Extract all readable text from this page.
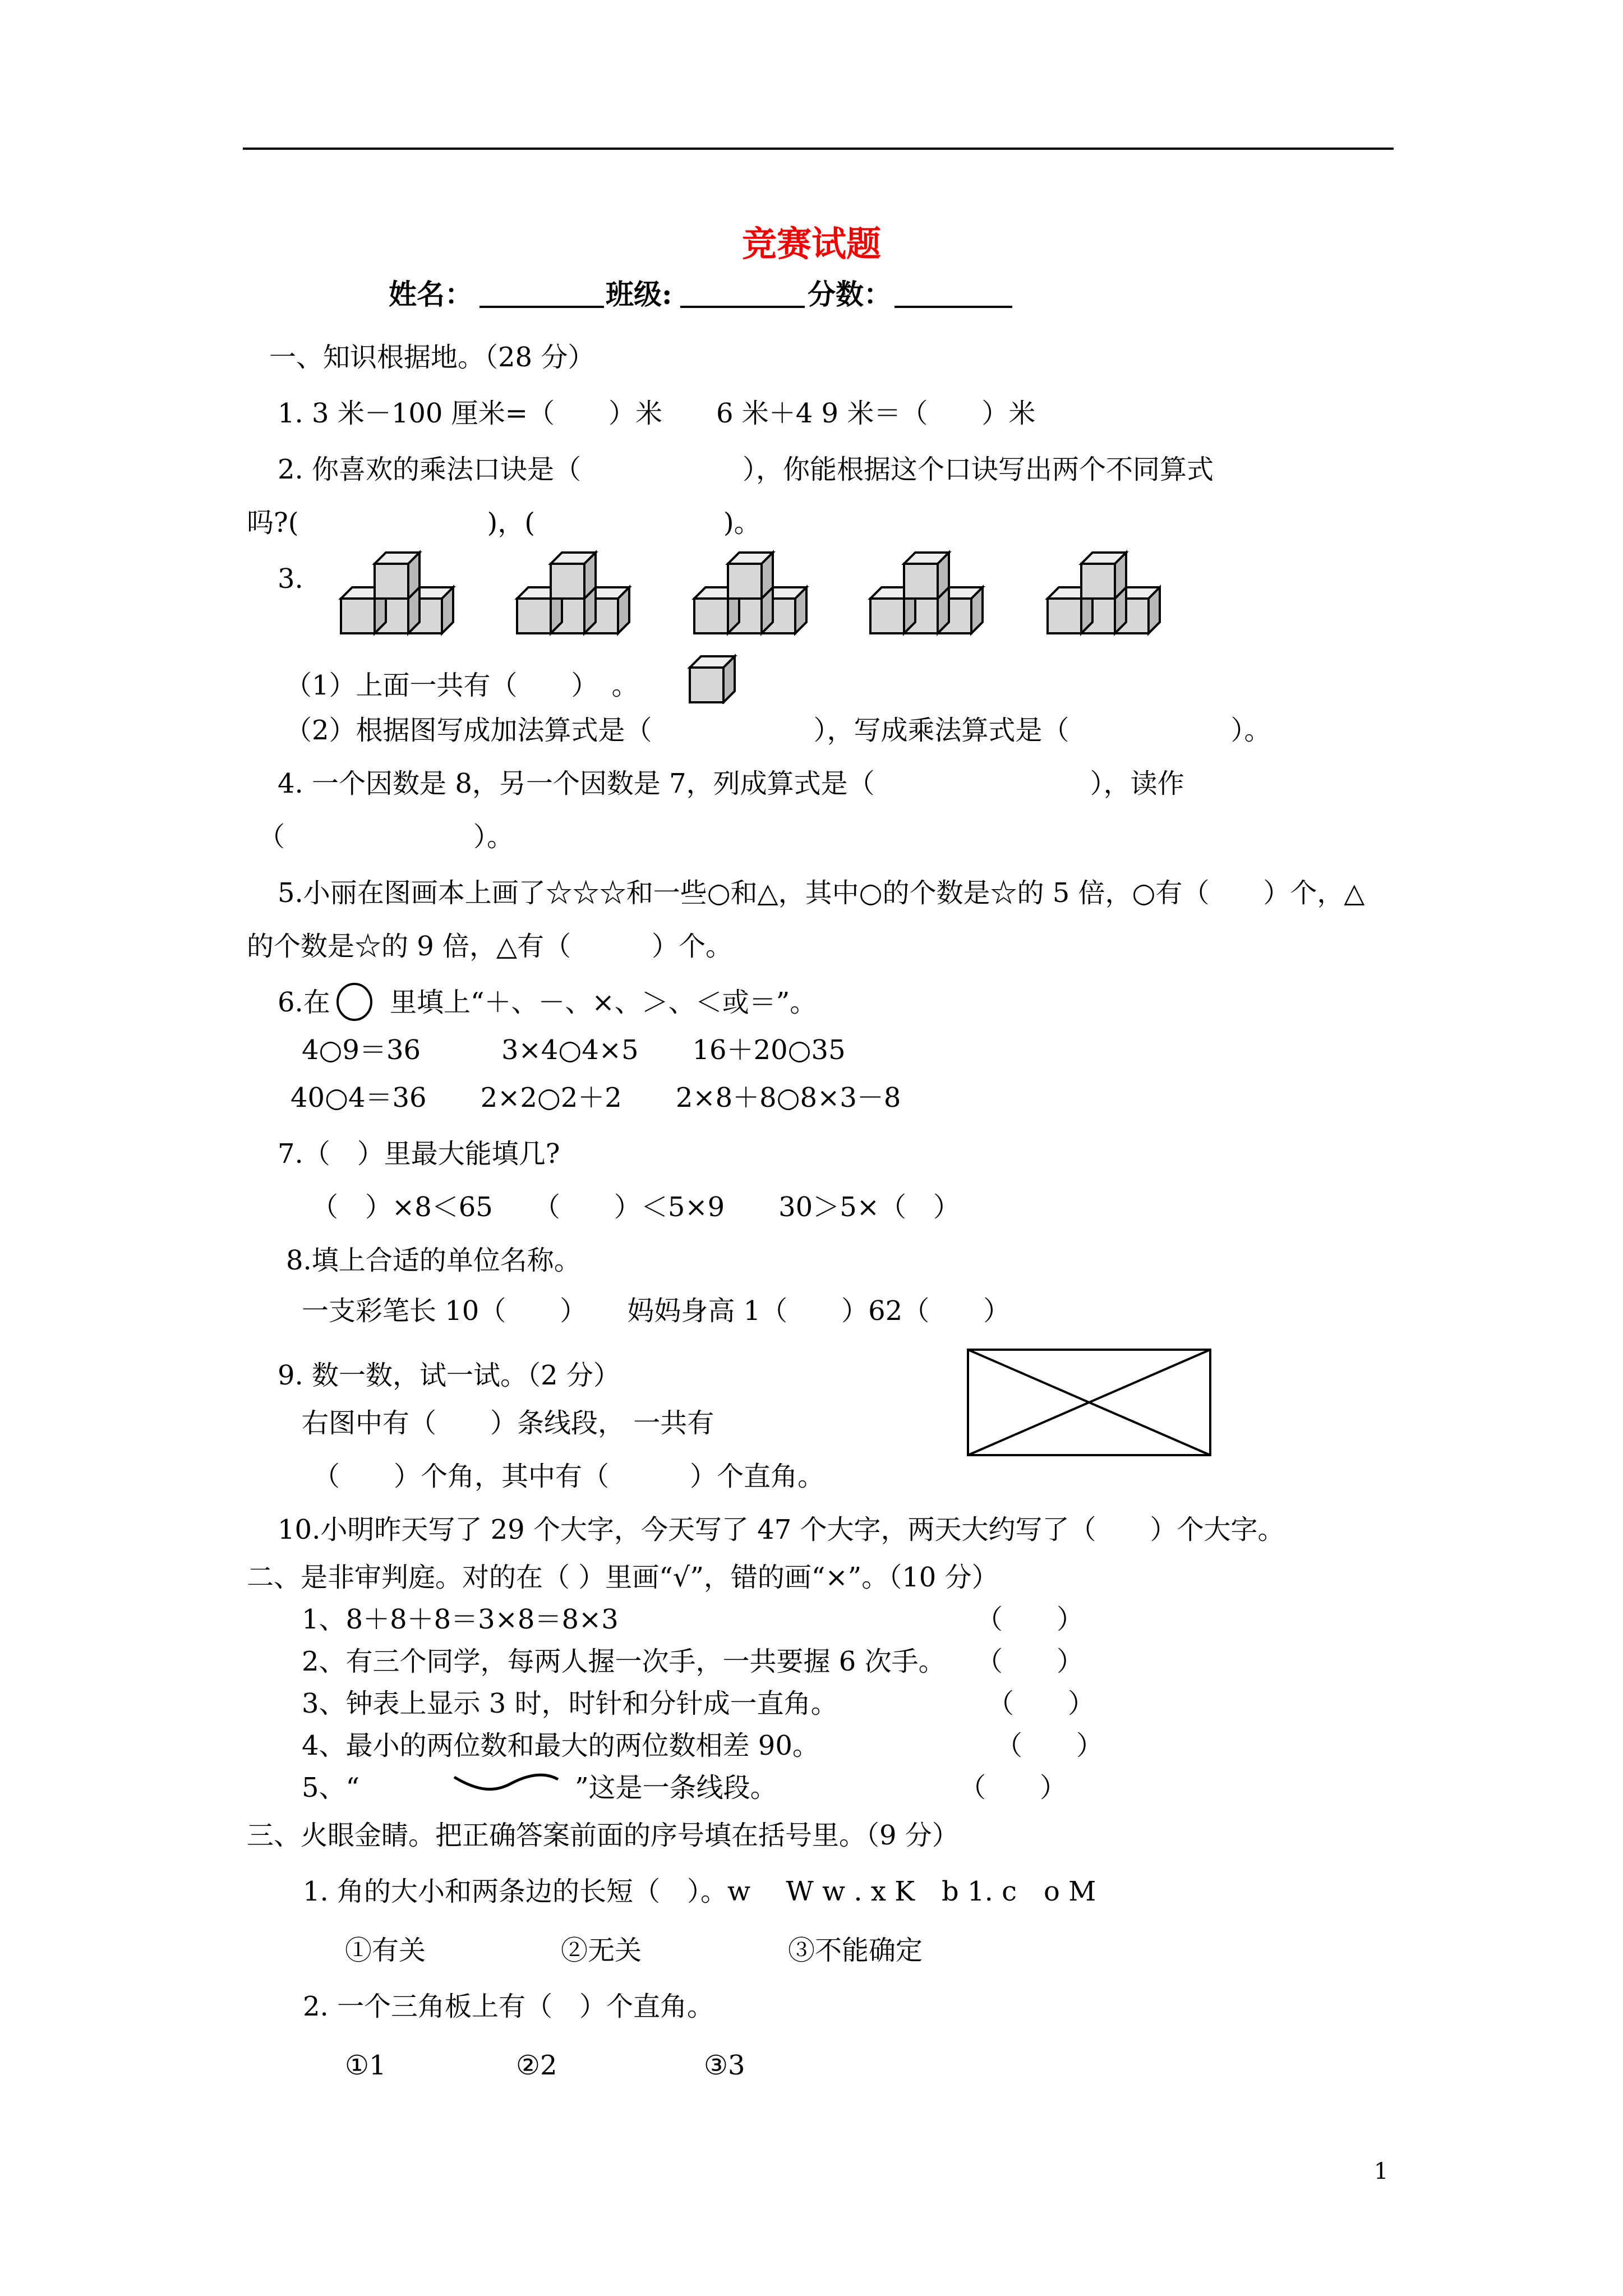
竞赛试题
姓名：	班级:	分数：
一、知识根据地。（28 分）
1. 3 米－100 厘米=（　　）米　　6 米＋4 9 米＝（　　）米
2. 你喜欢的乘法口诀是（　　　　　　），你能根据这个口诀写出两个不同算式
吗?(　　　　　　　)，(　　　　　　　)。
3.
（1）上面一共有（　　）　。
（2）根据图写成加法算式是（　　　　　　），写成乘法算式是（　　　　　　）。
4. 一个因数是 8，另一个因数是 7，列成算式是（　　　　　　　　），读作
（　　　　　　　）。
5.小丽在图画本上画了☆☆☆和一些○和△，其中○的个数是☆的 5 倍，○有（　　）个，△
的个数是☆的 9 倍，△有（　　　）个。
6.在 里填上“＋、－、×、＞、＜或＝”。
4○9＝36　　　3×4○4×5　　16＋20○35
40○4＝36　　2×2○2＋2　　2×8＋8○8×3－8
7.（　）里最大能填几?
（　）×8＜65　　（　　）＜5×9　　30＞5×（　）
8.填上合适的单位名称。
一支彩笔长 10（　　）　　妈妈身高 1（　　）62（　　）
9. 数一数，试一试。（2 分）
右图中有（　　）条线段， 一共有
（　　）个角，其中有（　　　）个直角。
10.小明昨天写了 29 个大字，今天写了 47 个大字，两天大约写了（　　）个大字。
二、是非审判庭。对的在（ ）里画“√”，错的画“×”。（10 分）
1、8＋8＋8＝3×8＝8×3	（　　）
2、有三个同学，每两人握一次手，一共要握 6 次手。 （　　）
3、钟表上显示 3 时，时针和分针成一直角。	（　　）
4、最小的两位数和最大的两位数相差 90。	（　　）
5、“　　　　　　　　”这是一条线段。	（　　）
三、火眼金睛。把正确答案前面的序号填在括号里。（9 分）
1. 角的大小和两条边的长短（　）。w　 W w . x K　b 1. c　o M
①有关	②无关	③不能确定
2. 一个三角板上有（　）个直角。
①1	②2	③3
1
